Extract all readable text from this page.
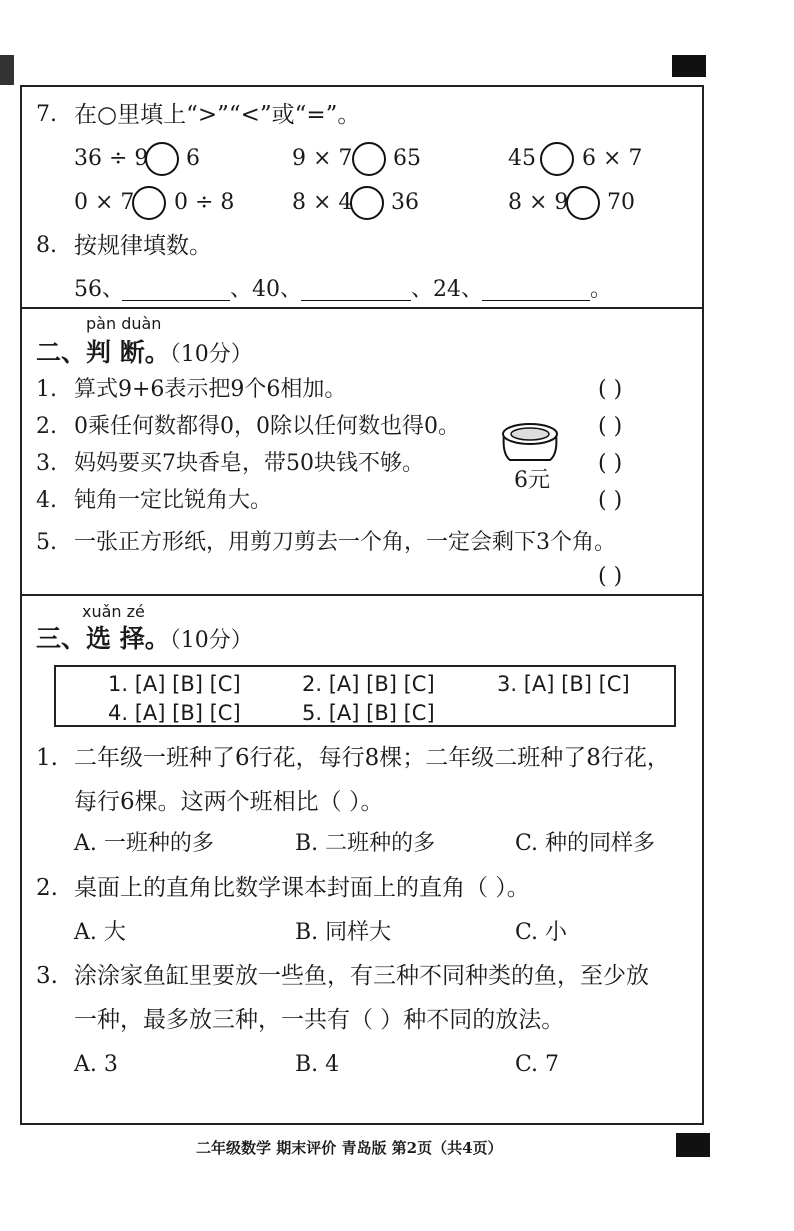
7. 在○里填上“>”“<”或“=”。
36 ÷ 9 6	9 × 7 65	45 6 × 7
0 × 7 0 ÷ 8	8 × 4 36	8 × 9 70
8. 按规律填数。
56、	、40、	、24、	。
pàn duàn
二、判 断。（10分）
1. 算式9+6表示把9个6相加。	( )
2. 0乘任何数都得0，0除以任何数也得0。	( )
3. 妈妈要买7块香皂，带50块钱不够。	( )
4. 钝角一定比锐角大。	( )
5. 一张正方形纸，用剪刀剪去一个角，一定会剩下3个角。
( )
6元
xuǎn zé
三、选 择。（10分）
1. [A] [B] [C]	2. [A] [B] [C]	3. [A] [B] [C]
4. [A] [B] [C]	5. [A] [B] [C]
1. 二年级一班种了6行花，每行8棵；二年级二班种了8行花，
每行6棵。这两个班相比（ ）。
A. 一班种的多	B. 二班种的多	C. 种的同样多
2. 桌面上的直角比数学课本封面上的直角（ ）。
A. 大	B. 同样大	C. 小
3. 涂涂家鱼缸里要放一些鱼，有三种不同种类的鱼，至少放
一种，最多放三种，一共有（ ）种不同的放法。
A. 3	B. 4	C. 7
二年级数学 期末评价 青岛版 第2页（共4页）
